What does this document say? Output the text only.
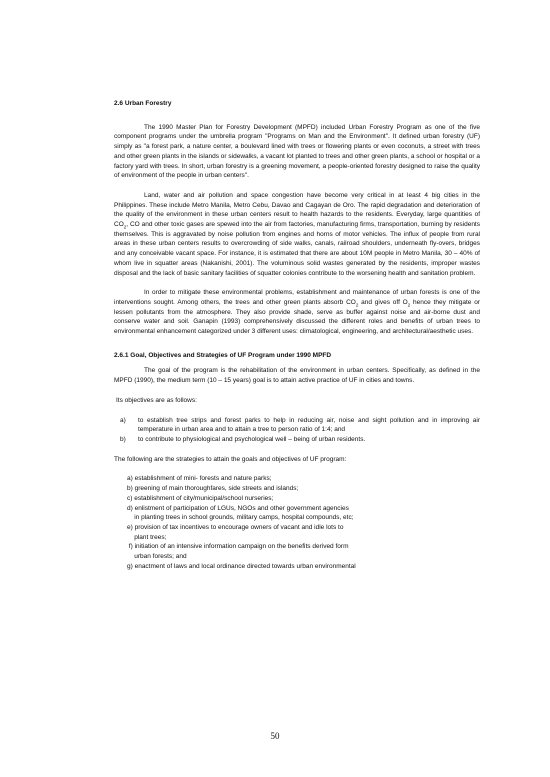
2.6 Urban Forestry

The 1990 Master Plan for Forestry Development (MPFD) included Urban Forestry Program as one of the five component programs under the umbrella program "Programs on Man and the Environment". It defined urban forestry (UF) simply as "a forest park, a nature center, a boulevard lined with trees or flowering plants or even coconuts, a street with trees and other green plants in the islands or sidewalks, a vacant lot planted to trees and other green plants, a school or hospital or a factory yard with trees. In short, urban forestry is a greening movement, a people-oriented forestry designed to raise the quality of environment of the people in urban centers".

Land, water and air pollution and space congestion have become very critical in at least 4 big cities in the Philippines. These include Metro Manila, Metro Cebu, Davao and Cagayan de Oro. The rapid degradation and deterioration of the quality of the environment in these urban centers result to health hazards to the residents. Everyday, large quantities of $CO_2$, CO and other toxic gases are spewed into the air from factories, manufacturing firms, transportation, burning by residents themselves. This is aggravated by noise pollution from engines and horns of motor vehicles. The influx of people from rural areas in these urban centers results to overcrowding of side walks, canals, railroad shoulders, underneath fly-overs, bridges and any conceivable vacant space. For instance, it is estimated that there are about 10M people in Metro Manila, 30 – 40% of whom live in squatter areas (Nakanishi, 2001). The voluminous solid wastes generated by the residents, improper wastes disposal and the lack of basic sanitary facilities of squatter colonies contribute to the worsening health and sanitation problem.

In order to mitigate these environmental problems, establishment and maintenance of urban forests is one of the interventions sought. Among others, the trees and other green plants absorb $CO_2$ and gives off $O_2$ hence they mitigate or lessen pollutants from the atmosphere. They also provide shade, serve as buffer against noise and air-borne dust and conserve water and soil. Ganapin (1993) comprehensively discussed the different roles and benefits of urban trees to environmental enhancement categorized under 3 different uses: climatological, engineering, and architectural/aesthetic uses.

2.6.1 Goal, Objectives and Strategies of UF Program under 1990 MPFD

The goal of the program is the rehabilitation of the environment in urban centers. Specifically, as defined in the MPFD (1990), the medium term (10 – 15 years) goal is to attain active practice of UF in cities and towns.

Its objectives are as follows:

a)	to establish tree strips and forest parks to help in reducing air, noise and sight pollution and in improving air temperature in urban area and to attain a tree to person ratio of 1:4; and
b)	to contribute to physiological and psychological well – being of urban residents.

The following are the strategies to attain the goals and objectives of UF program:

a) establishment of mini- forests and nature parks;
b) greening of main thoroughfares, side streets and islands;
c) establishment of city/municipal/school nurseries;
d) enlistment of participation of LGUs, NGOs and other government agencies
in planting trees in school grounds, military camps, hospital compounds, etc;
e) provision of tax incentives to encourage owners of vacant and idle lots to
plant trees;
f) initiation of an intensive information campaign on the benefits derived form
urban forests; and
g) enactment of laws and local ordinance directed towards urban environmental
50
